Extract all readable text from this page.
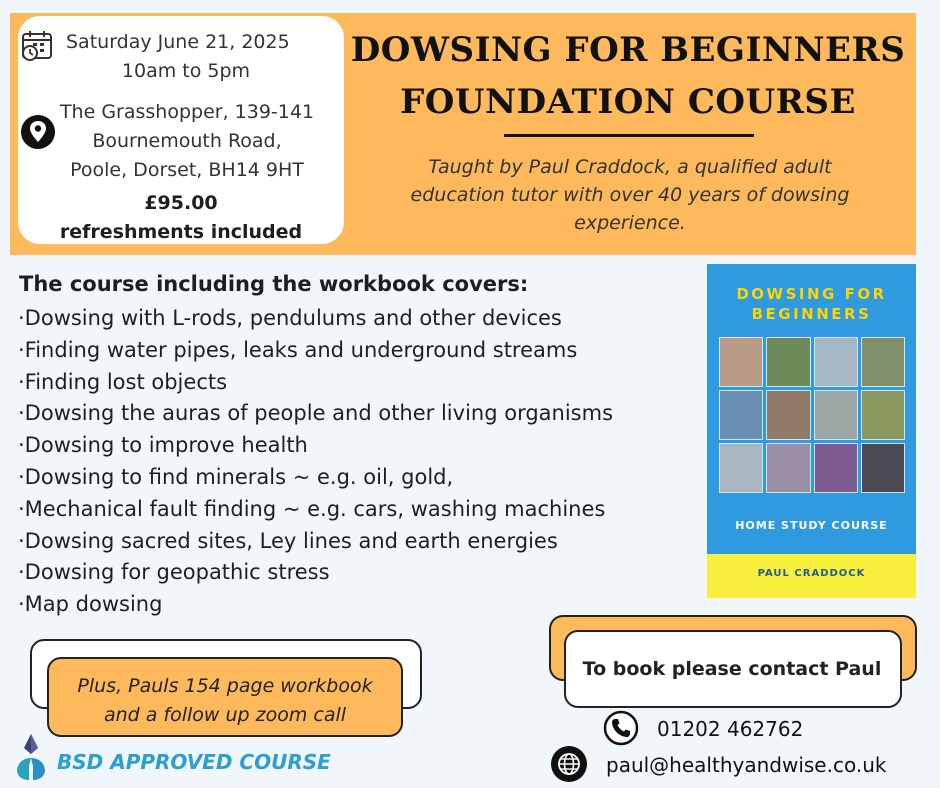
Saturday June 21, 2025
10am to 5pm
The Grasshopper, 139-141
Bournemouth Road,
Poole, Dorset, BH14 9HT
£95.00
refreshments included
DOWSING FOR BEGINNERS
FOUNDATION COURSE
Taught by Paul Craddock, a qualified adult education tutor with over 40 years of dowsing experience.
The course including the workbook covers:
·Dowsing with L-rods, pendulums and other devices
·Finding water pipes, leaks and underground streams
·Finding lost objects
·Dowsing the auras of people and other living organisms
·Dowsing to improve health
·Dowsing to find minerals ~ e.g. oil, gold,
·Mechanical fault finding ~ e.g. cars, washing machines
·Dowsing sacred sites, Ley lines and earth energies
·Dowsing for geopathic stress
·Map dowsing
DOWSING FOR
BEGINNERS
HOME STUDY COURSE
PAUL CRADDOCK
Plus, Pauls 154 page workbook
and a follow up zoom call
BSD APPROVED COURSE
To book please contact Paul
01202 462762
paul@healthyandwise.co.uk
